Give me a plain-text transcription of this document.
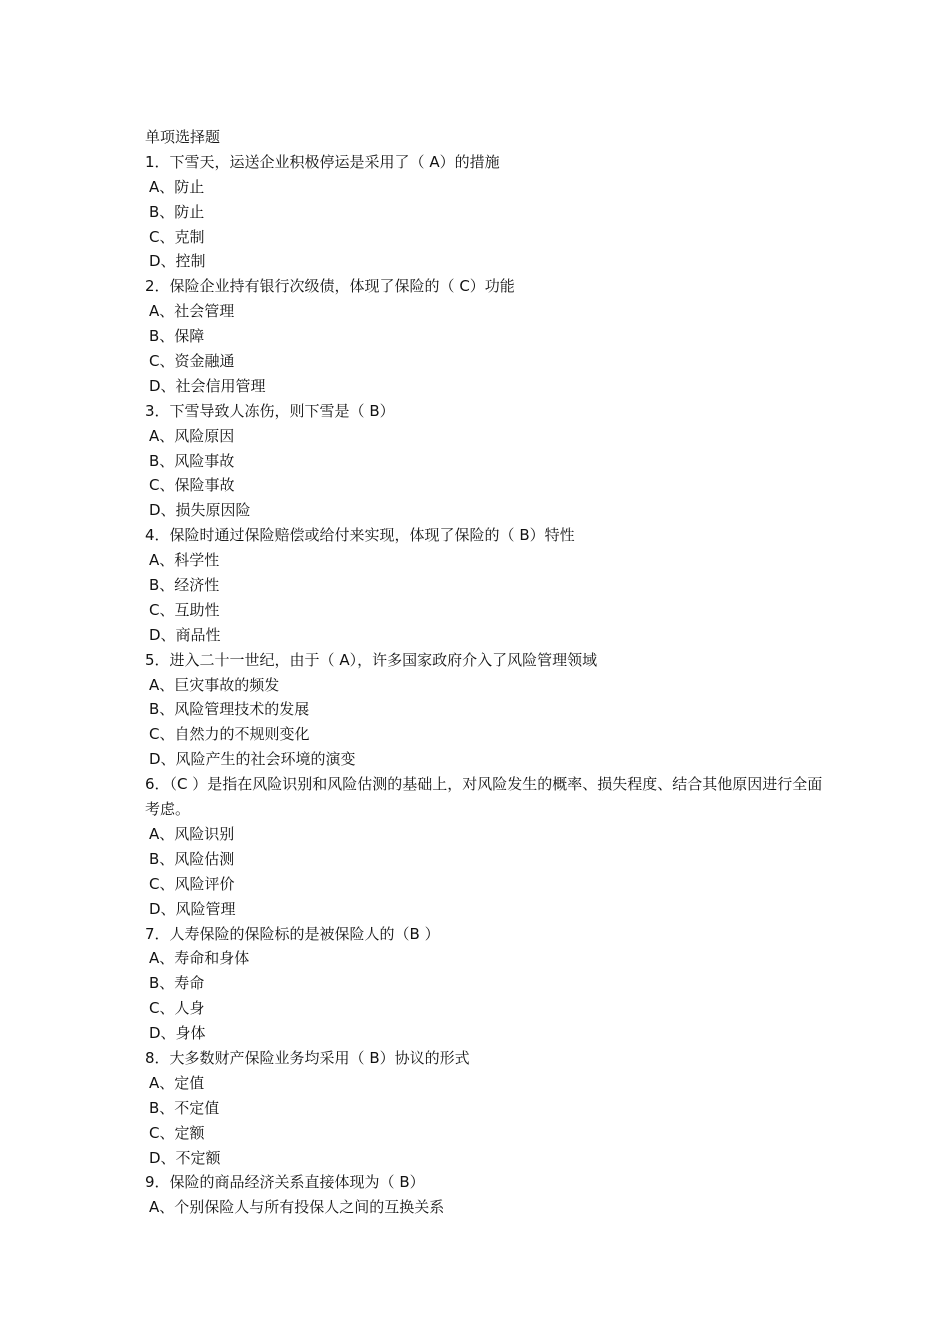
单项选择题
1．下雪天，运送企业积极停运是采用了（ A）的措施
A、防止
B、防止
C、克制
D、控制
2．保险企业持有银行次级债，体现了保险的（ C）功能
A、社会管理
B、保障
C、资金融通
D、社会信用管理
3．下雪导致人冻伤，则下雪是（ B）
A、风险原因
B、风险事故
C、保险事故
D、损失原因险
4．保险时通过保险赔偿或给付来实现，体现了保险的（ B）特性
A、科学性
B、经济性
C、互助性
D、商品性
5．进入二十一世纪，由于（ A），许多国家政府介入了风险管理领域
A、巨灾事故的频发
B、风险管理技术的发展
C、自然力的不规则变化
D、风险产生的社会环境的演变
6．（C ）是指在风险识别和风险估测的基础上，对风险发生的概率、损失程度、结合其他原因进行全面考虑。
A、风险识别
B、风险估测
C、风险评价
D、风险管理
7．人寿保险的保险标的是被保险人的（B ）
A、寿命和身体
B、寿命
C、人身
D、身体
8．大多数财产保险业务均采用（ B）协议的形式
A、定值
B、不定值
C、定额
D、不定额
9．保险的商品经济关系直接体现为（ B）
A、个别保险人与所有投保人之间的互换关系
